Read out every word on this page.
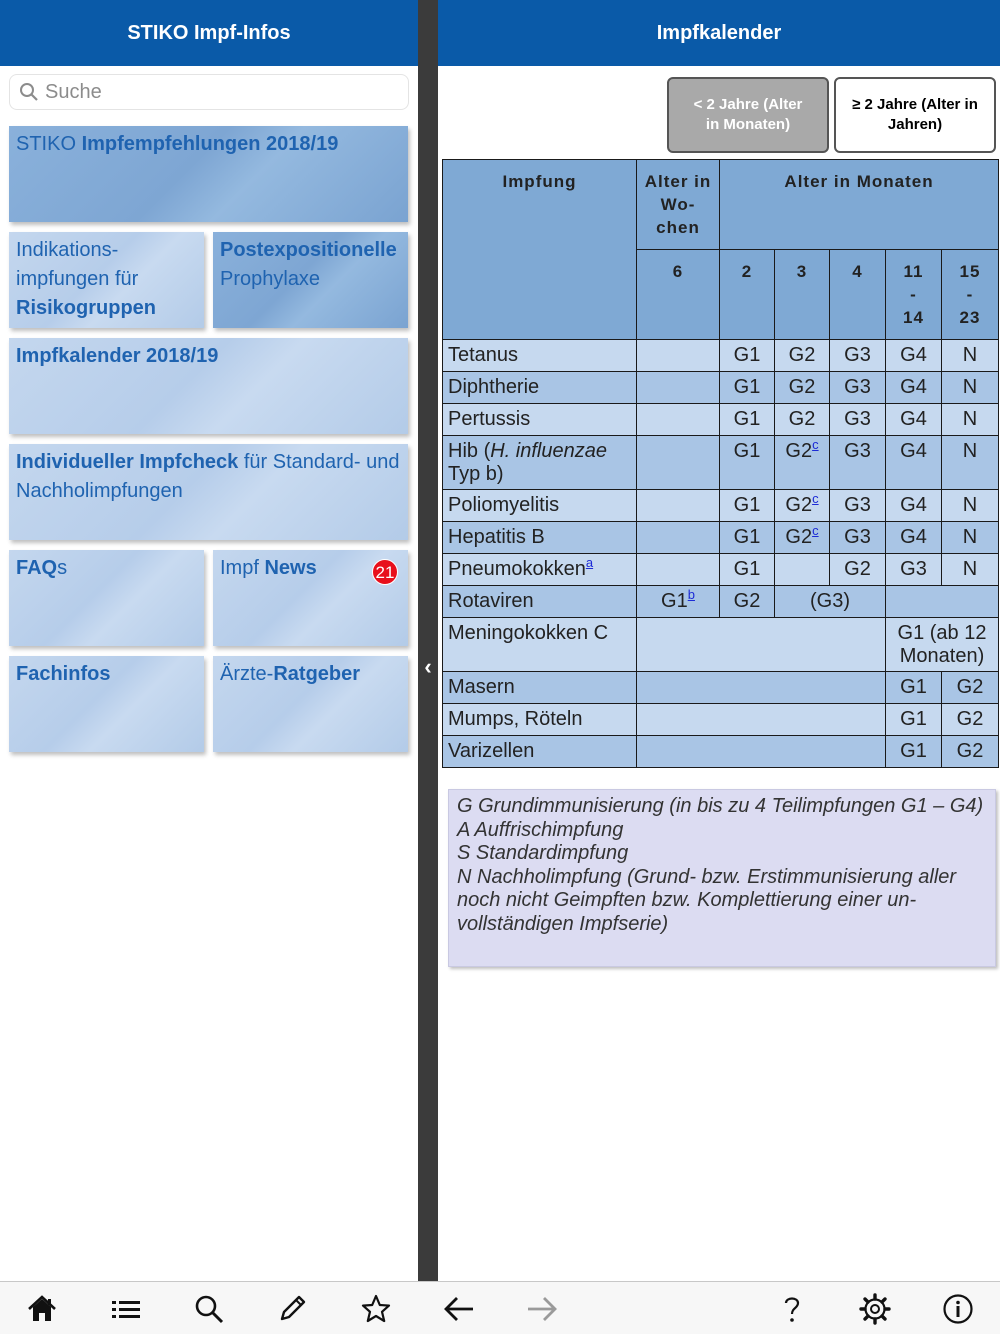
STIKO Impf-Infos
Suche
STIKO Impfempfehlungen 2018/19
Indikations-impfungen für Risikogruppen
Postexpositionelle Prophylaxe
Impfkalender 2018/19
Individueller Impfcheck für Standard- und Nachholimpfungen
FAQs	Impf News	21
Fachinfos	Ärzte-Ratgeber	‹
Impfkalender
< 2 Jahre (Alter in Monaten)
≥ 2 Jahre (Alter in Jahren)
Impfung	Alter in Wo-chen	Alter in Monaten				
	6	2	3	4	11 - 14	15 - 23
Tetanus		G1	G2	G3	G4	N
Diphtherie		G1	G2	G3	G4	N
Pertussis		G1	G2	G3	G4	N
Hib (H. influenzae Typ b)		G1	G2$^c$	G3	G4	N
Poliomyelitis		G1	G2$^c$	G3	G4	N
Hepatitis B		G1	G2$^c$	G3	G4	N
Pneumokokken$^a$		G1		G2	G3	N
Rotaviren	G1$^b$	G2	(G3)			
Meningokokken C					G1 (ab 12 Monaten)	
Masern					G1	G2
Mumps, Röteln					G1	G2
Varizellen					G1	G2
G Grundimmunisierung (in bis zu 4 Teilimpfungen G1 – G4)
A Auffrischimpfung
S Standardimpfung
N Nachholimpfung (Grund- bzw. Erstimmunisierung aller noch nicht Geimpften bzw. Komplettierung einer un-vollständigen Impfserie)
